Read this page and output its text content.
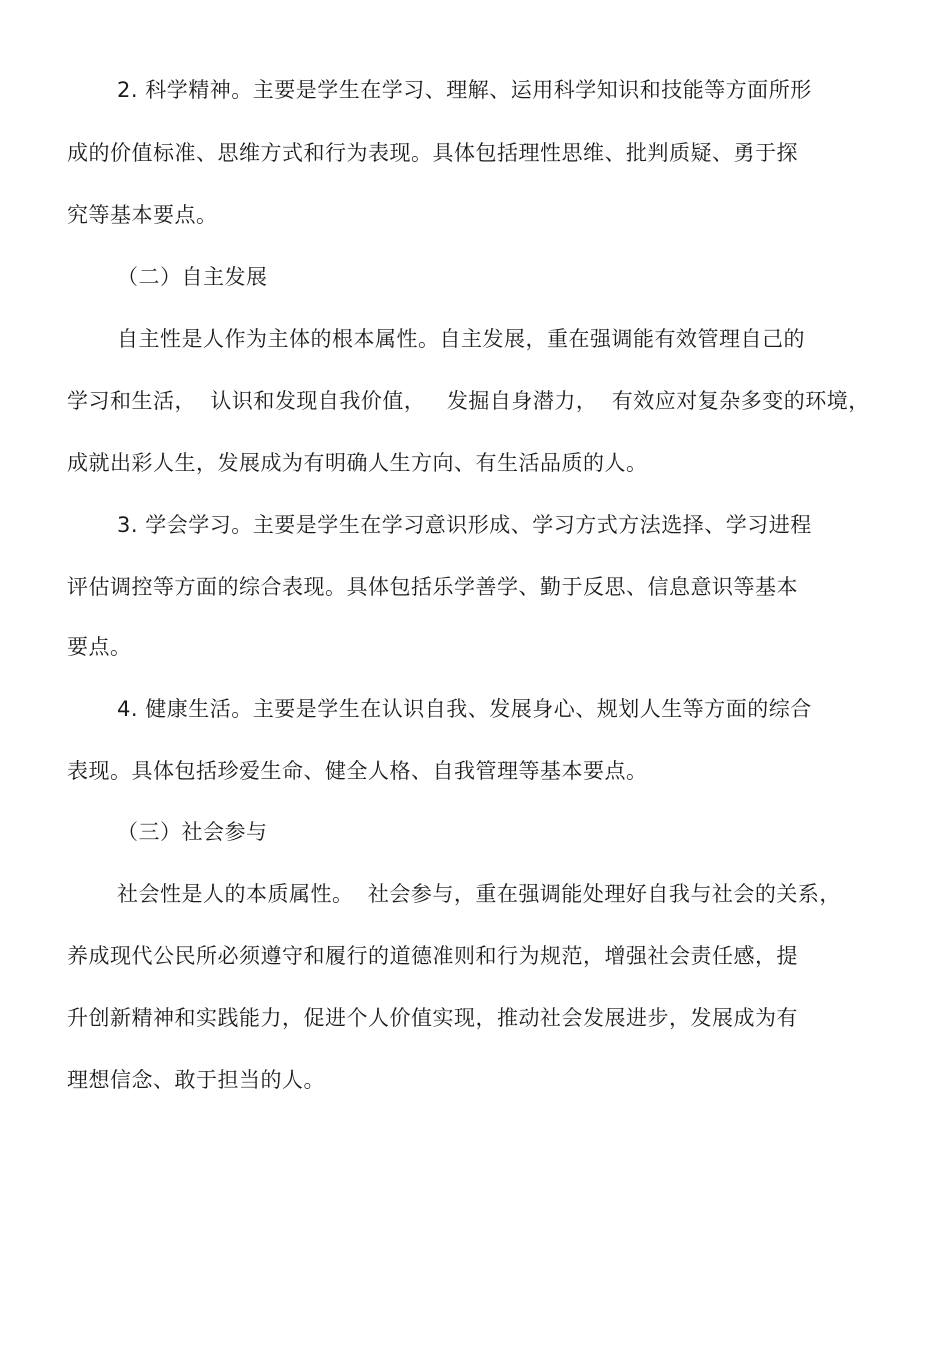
2. 科学精神。主要是学生在学习、理解、运用科学知识和技能等方面所形
成的价值标准、思维方式和行为表现。具体包括理性思维、批判质疑、勇于探
究等基本要点。
（二）自主发展
自主性是人作为主体的根本属性。自主发展，重在强调能有效管理自己的
学习和生活，  认识和发现自我价值，   发掘自身潜力，  有效应对复杂多变的环境，
成就出彩人生，发展成为有明确人生方向、有生活品质的人。
3. 学会学习。主要是学生在学习意识形成、学习方式方法选择、学习进程
评估调控等方面的综合表现。具体包括乐学善学、勤于反思、信息意识等基本
要点。
4. 健康生活。主要是学生在认识自我、发展身心、规划人生等方面的综合
表现。具体包括珍爱生命、健全人格、自我管理等基本要点。
（三）社会参与
社会性是人的本质属性。  社会参与，重在强调能处理好自我与社会的关系，
养成现代公民所必须遵守和履行的道德准则和行为规范，增强社会责任感，提
升创新精神和实践能力，促进个人价值实现，推动社会发展进步，发展成为有
理想信念、敢于担当的人。
